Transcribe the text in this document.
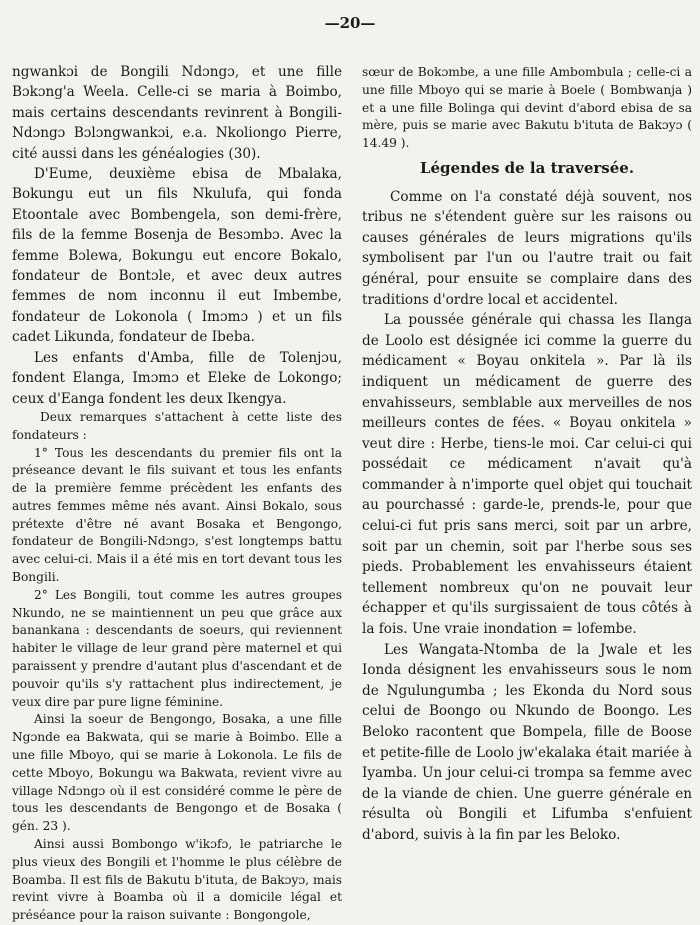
—20—

ngwankɔi de Bongili Ndɔngɔ, et une fille Bɔkɔng'a Weela. Celle-ci se maria à Boimbo, mais certains descendants revinrent à Bongili-Ndɔngɔ Bɔlɔngwankɔi, e.a. Nkoliongo Pierre, cité aussi dans les généalogies (30).

D'Eume, deuxième ebisa de Mbalaka, Bokungu eut un fils Nkulufa, qui fonda Etoontale avec Bombengela, son demi-frère, fils de la femme Bosenja de Besɔmbɔ. Avec la femme Bɔlewa, Bokungu eut encore Bokalo, fondateur de Bontɔle, et avec deux autres femmes de nom inconnu il eut Imbembe, fondateur de Lokonola ( Imɔmɔ ) et un fils cadet Likunda, fondateur de Ibeba.

Les enfants d'Amba, fille de Tolenjɔu, fondent Elanga, Imɔmɔ et Eleke de Lokongo; ceux d'Eanga fondent les deux Ikengya.

Deux remarques s'attachent à cette liste des fondateurs :

1° Tous les descendants du premier fils ont la préseance devant le fils suivant et tous les enfants de la première femme précèdent les enfants des autres femmes même nés avant. Ainsi Bokalo, sous prétexte d'être né avant Bosaka et Bengongo, fondateur de Bongili-Ndɔngɔ, s'est longtemps battu avec celui-ci. Mais il a été mis en tort devant tous les Bongili.

2° Les Bongili, tout comme les autres groupes Nkundo, ne se maintiennent un peu que grâce aux banankana : descendants de soeurs, qui reviennent habiter le village de leur grand père maternel et qui paraissent y prendre d'autant plus d'ascendant et de pouvoir qu'ils s'y rattachent plus indirectement, je veux dire par pure ligne féminine.

Ainsi la soeur de Bengongo, Bosaka, a une fille Ngɔnde ea Bakwata, qui se marie à Boimbo. Elle a une fille Mboyo, qui se marie à Lokonola. Le fils de cette Mboyo, Bokungu wa Bakwata, revient vivre au village Ndɔngɔ où il est considéré comme le père de tous les descendants de Bengongo et de Bosaka ( gén. 23 ).

Ainsi aussi Bombongo w'ikɔfɔ, le patriarche le plus vieux des Bongili et l'homme le plus célèbre de Boamba. Il est fils de Bakutu b'ituta, de Bakɔyɔ, mais revint vivre à Boamba où il a domicile légal et préséance pour la raison suivante : Bongongole,

sœur de Bokɔmbe, a une fille Ambombula ; celle-ci a une fille Mboyo qui se marie à Boele ( Bombwanja ) et a une fille Bolinga qui devint d'abord ebisa de sa mère, puis se marie avec Bakutu b'ituta de Bakɔyɔ ( 14.49 ).

Légendes de la traversée.

Comme on l'a constaté déjà souvent, nos tribus ne s'étendent guère sur les raisons ou causes générales de leurs migrations qu'ils symbolisent par l'un ou l'autre trait ou fait général, pour ensuite se complaire dans des traditions d'ordre local et accidentel.

La poussée générale qui chassa les Ilanga de Loolo est désignée ici comme la guerre du médicament « Boyau onkitela ». Par là ils indiquent un médicament de guerre des envahisseurs, semblable aux merveilles de nos meilleurs contes de fées. « Boyau onkitela » veut dire : Herbe, tiens-le moi. Car celui-ci qui possédait ce médicament n'avait qu'à commander à n'importe quel objet qui touchait au pourchassé : garde-le, prends-le, pour que celui-ci fut pris sans merci, soit par un arbre, soit par un chemin, soit par l'herbe sous ses pieds. Probablement les envahisseurs étaient tellement nombreux qu'on ne pouvait leur échapper et qu'ils surgissaient de tous côtés à la fois. Une vraie inondation = lofembe.

Les Wangata-Ntomba de la Jwale et les Ionda désignent les envahisseurs sous le nom de Ngulungumba ; les Ekonda du Nord sous celui de Boongo ou Nkundo de Boongo. Les Beloko racontent que Bompela, fille de Boose et petite-fille de Loolo jw'ekalaka était mariée à Iyamba. Un jour celui-ci trompa sa femme avec de la viande de chien. Une guerre générale en résulta où Bongili et Lifumba s'enfuient d'abord, suivis à la fin par les Beloko.
